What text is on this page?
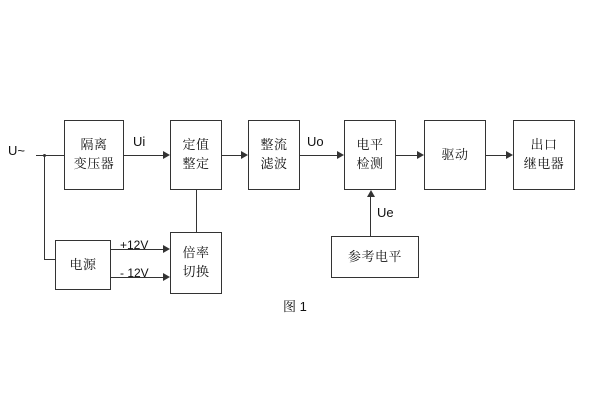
U~	隔离
变压器
定值
整定
整流
滤波
电平
检测
驱动
出口
继电器
电源
倍率
切换
参考电平
Ui	Uo
Ue
+12V
- 12V
图 1
